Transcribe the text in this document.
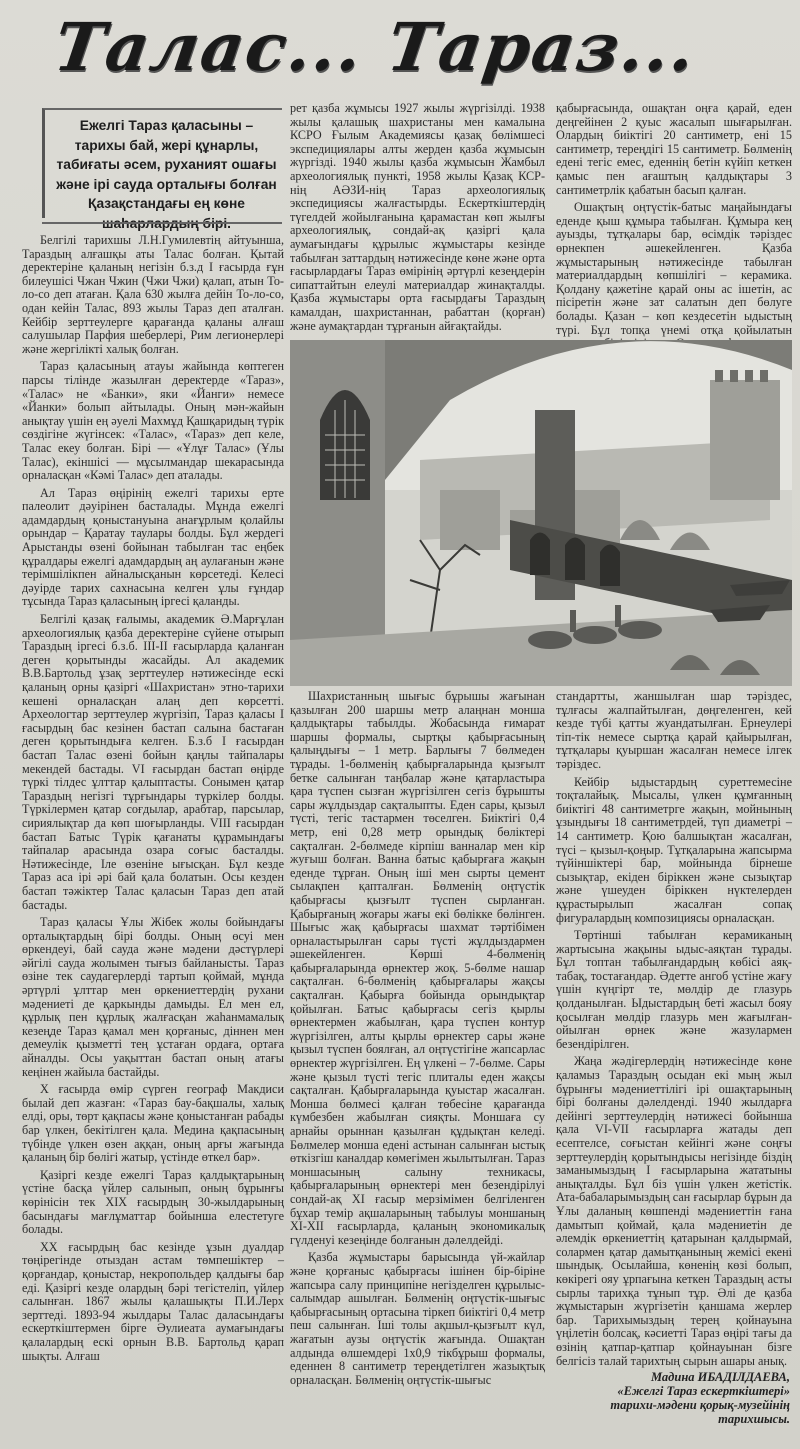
Талас... Тараз...
Ежелгі Тараз қаласыны – тарихы бай, жері құнарлы, табиғаты әсем, руханият ошағы және ірі сауда орталығы болған Қазақстандағы ең көне

Белгілі тарихшы Л.Н.Гумилевтің айтуынша, Тараздың алғашқы аты Талас болған. Қытай деректеріне қаланың негізін б.з.д І ғасырда ғұн билеушісі Чжан Чжин (Чжи Чжи) қалап, атын То-ло-со деп атаған. Қала 630 жылға дейін То-ло-со, одан кейін Талас, 893 жылы Тараз деп аталған. Кейбір зерттеулерге қарағанда қаланы алғаш салушылар Парфия шеберлері, Рим легионерлері және жергілікті халық болған.

Тараз қаласының атауы жайында көптеген парсы тілінде жазылған деректерде «Тараз», «Талас» не «Банки», яки «Йанги» немесе «Йанки» болып айтылады. Оның мән-жайын анықтау үшін ең әуелі Махмұд Қашқаридың түрік сөздігіне жүгінсек: «Талас», «Тараз» деп келе, Талас екеу болған. Бірі — «Ұлұғ Талас» (Ұлы Талас), екіншісі — мұсылмандар шекарасында орналасқан «Кәмі Талас» деп аталады.

Ал Тараз өңірінің ежелгі тарихы ерте палеолит дәуірінен басталады. Мұнда ежелгі адамдардың қоныстануына анағұрлым қолайлы орындар – Қаратау таулары болды. Бұл жердегі Арыстанды өзені бойынан табылған тас еңбек құралдары ежелгі адамдардың аң аулағанын және терімшілікпен айналысқанын көрсетеді. Келесі дәуірде тарих сахнасына келген ұлы ғұндар тұсында Тараз қаласының іргесі қаланды.

Белгілі қазақ ғалымы, академик Ә.Марғұлан археологиялық қазба деректеріне сүйене отырып Тараздың іргесі б.з.б. ІІІ-ІІ ғасырларда қаланған деген қорытынды жасайды. Ал академик В.В.Бартольд ұзақ зерттеулер нәтижесінде ескі қаланың орны қазіргі «Шахристан» этно-тарихи кешені орналасқан алаң деп көрсетті. Археологтар зерттеулер жүргізіп, Тараз қаласы І ғасырдың бас кезінен бастап салына бастаған деген қорытындыға келген. Б.з.б І ғасырдан бастап Талас өзені бойын қаңлы тайпалары мекендей бастады. VІ ғасырдан бастап өңірде түркі тілдес ұлттар қалыптасты. Сонымен қатар Тараздың негізгі тұрғындары түркілер болды. Түркілермен қатар соғдылар, арабтар, парсылар, сириялықтар да көп шоғырланды. VIII ғасырдан бастап Батыс Түрік қағанаты құрамындағы тайпалар арасында озара соғыс басталды. Нәтижесінде, Іле өзеніне ығысқан. Бұл кезде Тараз аса ірі әрі бай қала болатын. Осы кезден бастап тәжіктер Талас қаласын Тараз деп атай бастады.

Тараз қаласы Ұлы Жібек жолы бойындағы орталықтардың бірі болды. Оның өсуі мен өркендеуі, бай сауда және мәдени дәстүрлері әйгілі сауда жолымен тығыз байланысты. Тараз өзіне тек саудагерлерді тартып қоймай, мұнда әртүрлі ұлттар мен өркениеттердің рухани мәдениеті де қаркынды дамыды. Ел мен ел, құрлық пен құрлық жалғасқан жаһанмамалық кезеңде Тараз қамал мен қорғаныс, діннен мен демеулік қызметті тең ұстаған ордаға, ортаға айналды. Осы уақыттан бастап оның атағы кеңінен жайыла бастайды.

Х ғасырда өмір сүрген географ Макдиси былай деп жазған: «Тараз бау-бақшалы, халық елді, оры, төрт қақпасы және қоныстанған рабады бар үлкен, бекітілген қала. Медина қақпасының түбінде үлкен өзен аққан, оның арғы жағында қаланың бір бөлігі жатыр, үстінде өткел бар».

Қазіргі кезде ежелгі Тараз қалдықтарының үстіне басқа үйлер салынып, оның бұрынғы көрінісін тек ХІХ ғасырдың 30-жылдарының басындағы мағлұматтар бойынша елестетуге болады.

ХХ ғасырдың бас кезінде ұзын дуалдар төңірегінде отыздан астам төмпешіктер – қорғандар, қоныстар, некропольдер қалдығы бар еді. Қазіргі кезде олардың бәрі тегістеліп, үйлер салынған. 1867 жылы қалашықты П.И.Лерх зерттеді. 1893-94 жылдары Талас даласындағы ескерткіштермен бірге Әулиеата аумағындағы қалалардың ескі орнын В.В. Бартольд қарап шықты. Алғаш

рет қазба жұмысы 1927 жылы жүргізілді. 1938 жылы қалашық шахристаны мен камалына КСРО Ғылым Академиясы қазақ бөлімшесі экспедициялары алты жерден қазба жұмысын жүргізді. 1940 жылы қазба жұмысын Жамбыл археологиялық пункті, 1958 жылы Қазақ КСР-нің АӘЗИ-нің Тараз археологиялық экспедициясы жалғастырды. Ескерткіштердің түгелдей жойылғанына қарамастан көп жылғы археологиялық, сондай-ақ қазіргі қала аумағындағы құрылыс жұмыстары кезінде табылған заттардың нәтижесінде көне және орта ғасырлардағы Тараз өмірінің әртүрлі кезеңдерін сипаттайтын елеулі материалдар жинақталды. Қазба жұмыстары орта ғасырдағы Тараздың камалдан, шахристаннан, рабаттан (қорған) және аумақтардан тұрғанын айғақтайды.

қабырғасында, ошақтан оңға қарай, еден деңгейінен 2 қуыс жасалып шығарылған. Олардың биіктігі 20 сантиметр, ені 15 сантиметр, тереңдігі 15 сантиметр. Бөлменің едені тегіс емес, еденнің бетін күйіп кеткен қамыс пен ағаштың қалдықтары 3 сантиметрлік қабатын басып қалған.

Ошақтың оңтүстік-батыс маңайындағы еденде қыш құмыра табылған. Құмыра кең ауызды, тұтқалары бар, өсімдік тәріздес өрнекпен әшекейленген. Қазба жұмыстарының нәтижесінде табылған материалдардың көпшілігі – керамика. Қолдану қажетіне қарай оны ас ішетін, ас пісіретін және зат салатын деп бөлуге болады. Қазан – көп кездесетін ыдыстың түрі. Бұл топқа үнемі отқа қойылатын

Шахристанның шығыс бұрышы жағынан қазылған 200 шаршы метр алаңнан монша қалдықтары табылды. Жобасында ғимарат шаршы формалы, сыртқы қабырғасының қалыңдығы – 1 метр. Барлығы 7 бөлмеден тұрады. 1-бөлменің қабырғаларында қызғылт бетке салынған таңбалар және қатарластыра қара түспен сызған жүргізілген сегіз бұрышты сары жұлдыздар сақталыпты. Еден сары, қызыл түсті, тегіс тастармен төселген. Биіктігі 0,4 метр, ені 0,28 метр орындық бөліктері сақталған. 2-бөлмеде кірпіш ванналар мен кір жуғыш болған. Ванна батыс қабырғаға жақын еденде тұрған. Оның іші мен сырты цемент сылақпен қапталған. Бөлменің оңтүстік қабырғасы қызғылт түспен сырланған. Қабырғаның жоғары жағы екі бөлікке бөлінген. Шығыс жақ қабырғасы шахмат тәртібімен орналастырылған сары түсті жұлдыздармен әшекейленген. Көрші 4-бөлменің қабырғаларында өрнектер жоқ. 5-бөлме нашар сақталған. 6-бөлменің қабырғалары жақсы сақталған. Қабырға бойында орындықтар қойылған. Батыс қабырғасы сегіз қырлы өрнектермен жабылған, қара түспен контур жүргізілген, алты қырлы өрнектер сары және қызыл түспен боялған, ал оңтүстігіне жапсарлас өрнектер жүргізілген. Ең үлкені – 7-бөлме. Сары және қызыл түсті тегіс плиталы еден жақсы сақталған. Қабырғаларында қуыстар жасалған. Монша бөлмесі қалған төбесіне қарағанда күмбезбен жабылған сияқты. Моншаға су арнайы орыннан қазылған құдықтан келеді. Бөлмелер монша едені астынан салынған ыстық өткізгіш каналдар көмегімен жылытылған. Тараз моншасының салыну техникасы, қабырғаларының өрнектері мен безендірілуі сондай-ақ XI ғасыр мерзімімен белгіленген бұхар темір ақшаларының табылуы моншаның XI-XII ғасырларда, қаланың экономикалық гүлденуі кезеңінде болғанын дәлелдейді.

Қазба жұмыстары барысында үй-жайлар және қорғаныс қабырғасы ішінен бір-біріне жапсыра салу принципіне негізделген құрылыс-салымдар ашылған. Бөлменің оңтүстік-шығыс қабырғасының ортасына тіркеп биіктігі 0,4 метр пеш салынған. Іші толы ақшыл-қызғылт күл, жағатын аузы оңтүстік жағында. Ошақтан алдында өлшемдері 1х0,9 тікбұрыш формалы, еденнен 8 сантиметр тереңдетілген жазықтық орналасқан. Бөлменің оңтүстік-шығыс

стандартты, жаншылған шар тәріздес, тұлғасы жалпайтылған, дөңгеленген, кей кезде түбі қатты жуандатылған. Ернеулері тіп-тік немесе сыртқа қарай қайырылған, тұтқалары қуыршан жасалған немесе ілгек тәріздес.

Кейбір ыдыстардың суреттемесіне тоқталайық. Мысалы, үлкен құмғанның биіктігі 48 сантиметрге жақын, мойнының ұзындығы 18 сантиметрдей, түп диаметрі – 14 сантиметр. Қою балшықтан жасалған, түсі – қызыл-қоңыр. Тұтқаларына жапсырма түйіншіктері бар, мойнында бірнеше сызықтар, екіден біріккен және сызықтар және үшеуден біріккен нүктелерден құрастырылып жасалған сопақ фигуралардың композициясы орналасқан.

Төртінші табылған керамиканың жартысына жақыны ыдыс-аяқтан тұрады. Бұл топтан табылғандардың көбісі аяқ-табақ, тостағандар. Әдетте ангоб үстіне жағу үшін күңгірт те, мөлдір де глазурь қолданылған. Ыдыстардың беті жасыл бояу қосылған мөлдір глазурь мен жағылған-ойылған өрнек және жазулармен безендірілген.

Жаңа жәдігерлердің нәтижесінде көне қаламыз Тараздың осыдан екі мың жыл бұрынғы мәдениеттілігі ірі ошақтарының бірі болғаны дәлелденді. 1940 жылдарға дейінгі зерттеулердің нәтижесі бойынша қала VI-VII ғасырларға жатады деп есептелсе, соғыстан кейінгі және соңғы зерттеулердің қорытындысы негізінде біздің заманымыздың І ғасырларына жататыны анықталды. Бұл біз үшін үлкен жетістік. Ата-бабаларымыздың сан ғасырлар бұрын да Ұлы даланың көшпенді мәдениеттін ғана дамытып қоймай, қала мәдениетін де әлемдік өркениеттің қатарынан қалдырмай, солармен қатар дамытқанының жемісі екені шындық. Осылайша, көненің көзі болып, көкірегі ояу ұрпағына кеткен Тараздың асты сырлы тарихқа тұнып тұр. Әлі де қазба жұмыстарын жүргізетін қаншама жерлер бар. Тарихымыздың терең қойнауына үңілетін болсақ, кәсиетті Тараз өңірі тағы да өзінің қатпар-қатпар қойнауынан бізге белгісіз талай тарихтың сырын ашары анық.

Мадина ИБАДІЛДАЕВА,
«Ежелгі Тараз ескерткіштері»
тарихи-мәдени қорық-музейінің
тарихшысы.
